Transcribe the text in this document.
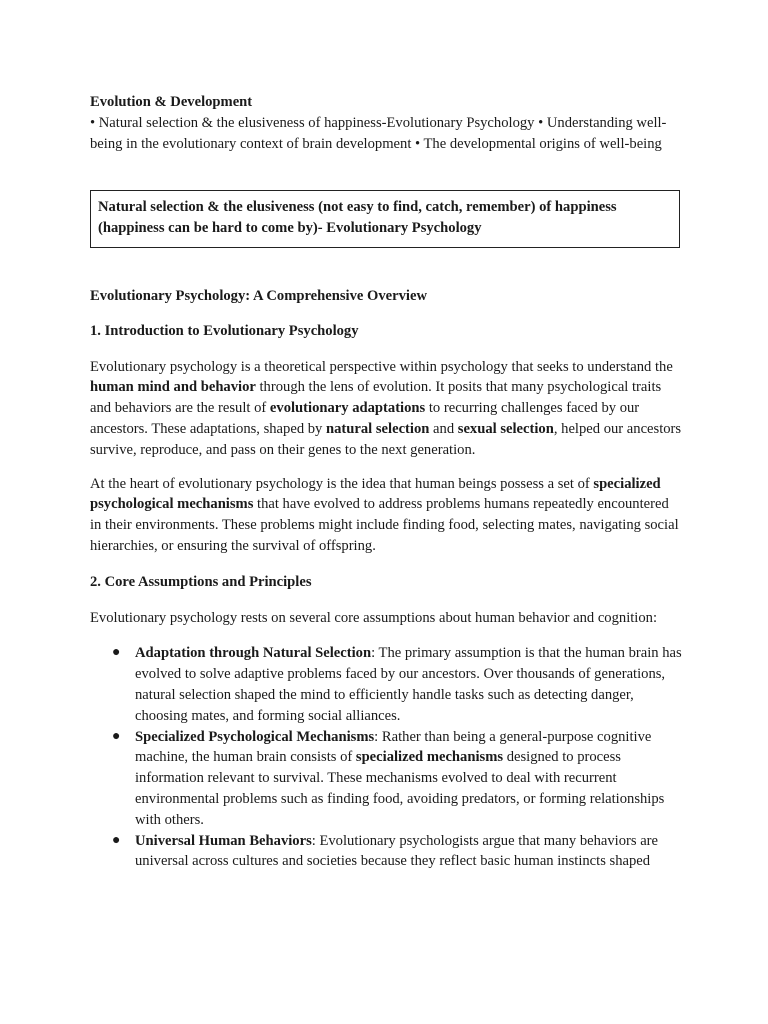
Evolution & Development

• Natural selection & the elusiveness of happiness-Evolutionary Psychology • Understanding well-being in the evolutionary context of brain development • The developmental origins of well-being

Natural selection & the elusiveness (not easy to find, catch, remember) of happiness (happiness can be hard to come by)- Evolutionary Psychology

Evolutionary Psychology: A Comprehensive Overview

1. Introduction to Evolutionary Psychology

Evolutionary psychology is a theoretical perspective within psychology that seeks to understand the human mind and behavior through the lens of evolution. It posits that many psychological traits and behaviors are the result of evolutionary adaptations to recurring challenges faced by our ancestors. These adaptations, shaped by natural selection and sexual selection, helped our ancestors survive, reproduce, and pass on their genes to the next generation.

At the heart of evolutionary psychology is the idea that human beings possess a set of specialized psychological mechanisms that have evolved to address problems humans repeatedly encountered in their environments. These problems might include finding food, selecting mates, navigating social hierarchies, or ensuring the survival of offspring.

2. Core Assumptions and Principles

Evolutionary psychology rests on several core assumptions about human behavior and cognition:

● Adaptation through Natural Selection: The primary assumption is that the human brain has evolved to solve adaptive problems faced by our ancestors. Over thousands of generations, natural selection shaped the mind to efficiently handle tasks such as detecting danger, choosing mates, and forming social alliances.
● Specialized Psychological Mechanisms: Rather than being a general-purpose cognitive machine, the human brain consists of specialized mechanisms designed to process information relevant to survival. These mechanisms evolved to deal with recurrent environmental problems such as finding food, avoiding predators, or forming relationships with others.
● Universal Human Behaviors: Evolutionary psychologists argue that many behaviors are universal across cultures and societies because they reflect basic human instincts shaped
